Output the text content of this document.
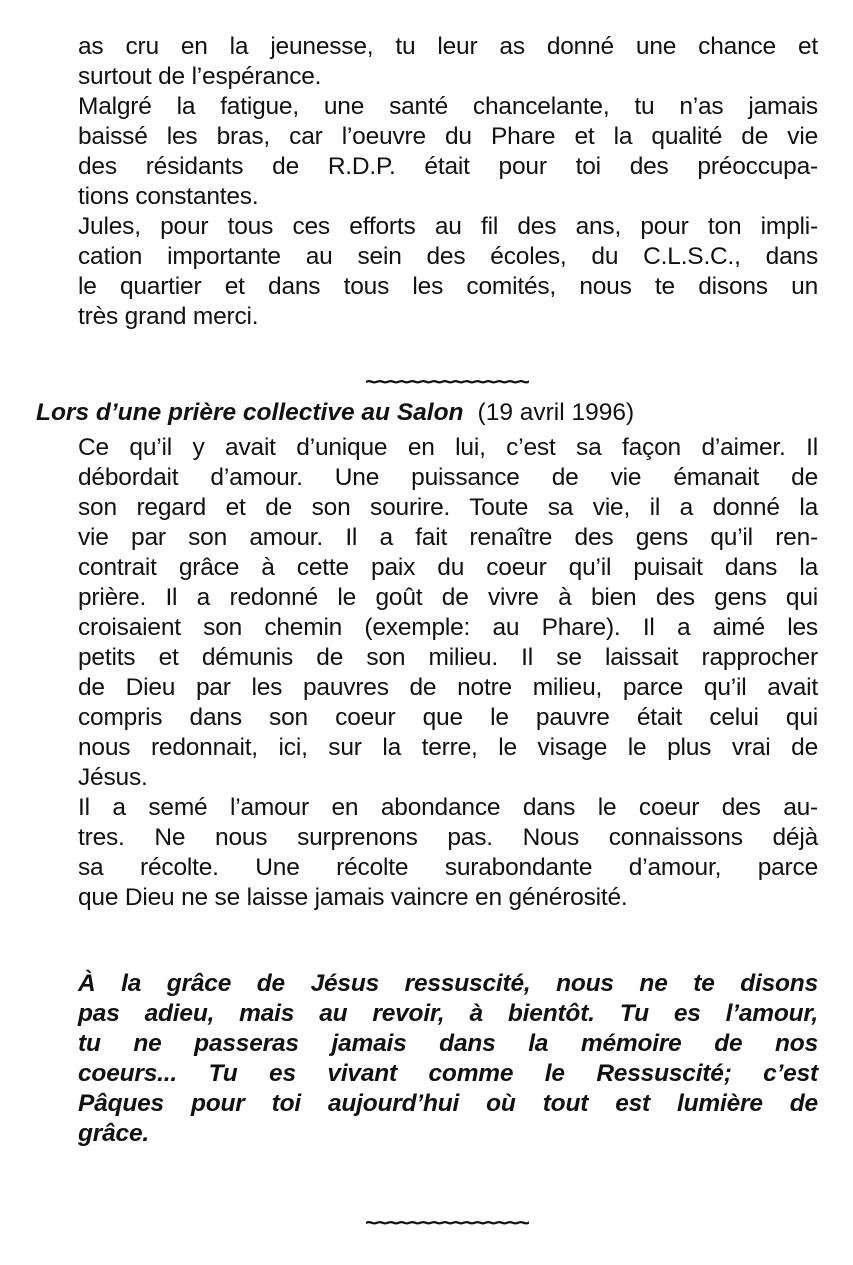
as cru en la jeunesse, tu leur as donné une chance et
surtout de l’espérance.
Malgré la fatigue, une santé chancelante, tu n’as jamais
baissé les bras, car l’oeuvre du Phare et la qualité de vie
des résidants de R.D.P. était pour toi des préoccupa-
tions constantes.
Jules, pour tous ces efforts au fil des ans, pour ton impli-
cation importante au sein des écoles, du C.L.S.C., dans
le quartier et dans tous les comités, nous te disons un
très grand merci.
~~~~~~~~~~~~~~~
Lors d’une prière collective au Salon (19 avril 1996)
Ce qu’il y avait d’unique en lui, c’est sa façon d’aimer. Il
débordait d’amour. Une puissance de vie émanait de
son regard et de son sourire. Toute sa vie, il a donné la
vie par son amour. Il a fait renaître des gens qu’il ren-
contrait grâce à cette paix du coeur qu’il puisait dans la
prière. Il a redonné le goût de vivre à bien des gens qui
croisaient son chemin (exemple: au Phare). Il a aimé les
petits et démunis de son milieu. Il se laissait rapprocher
de Dieu par les pauvres de notre milieu, parce qu’il avait
compris dans son coeur que le pauvre était celui qui
nous redonnait, ici, sur la terre, le visage le plus vrai de
Jésus.
Il a semé l’amour en abondance dans le coeur des au-
tres. Ne nous surprenons pas. Nous connaissons déjà
sa récolte. Une récolte surabondante d’amour, parce
que Dieu ne se laisse jamais vaincre en générosité.
À la grâce de Jésus ressuscité, nous ne te disons
pas adieu, mais au revoir, à bientôt. Tu es l’amour,
tu ne passeras jamais dans la mémoire de nos
coeurs... Tu es vivant comme le Ressuscité; c’est
Pâques pour toi aujourd’hui où tout est lumière de
grâce.
~~~~~~~~~~~~~~~
